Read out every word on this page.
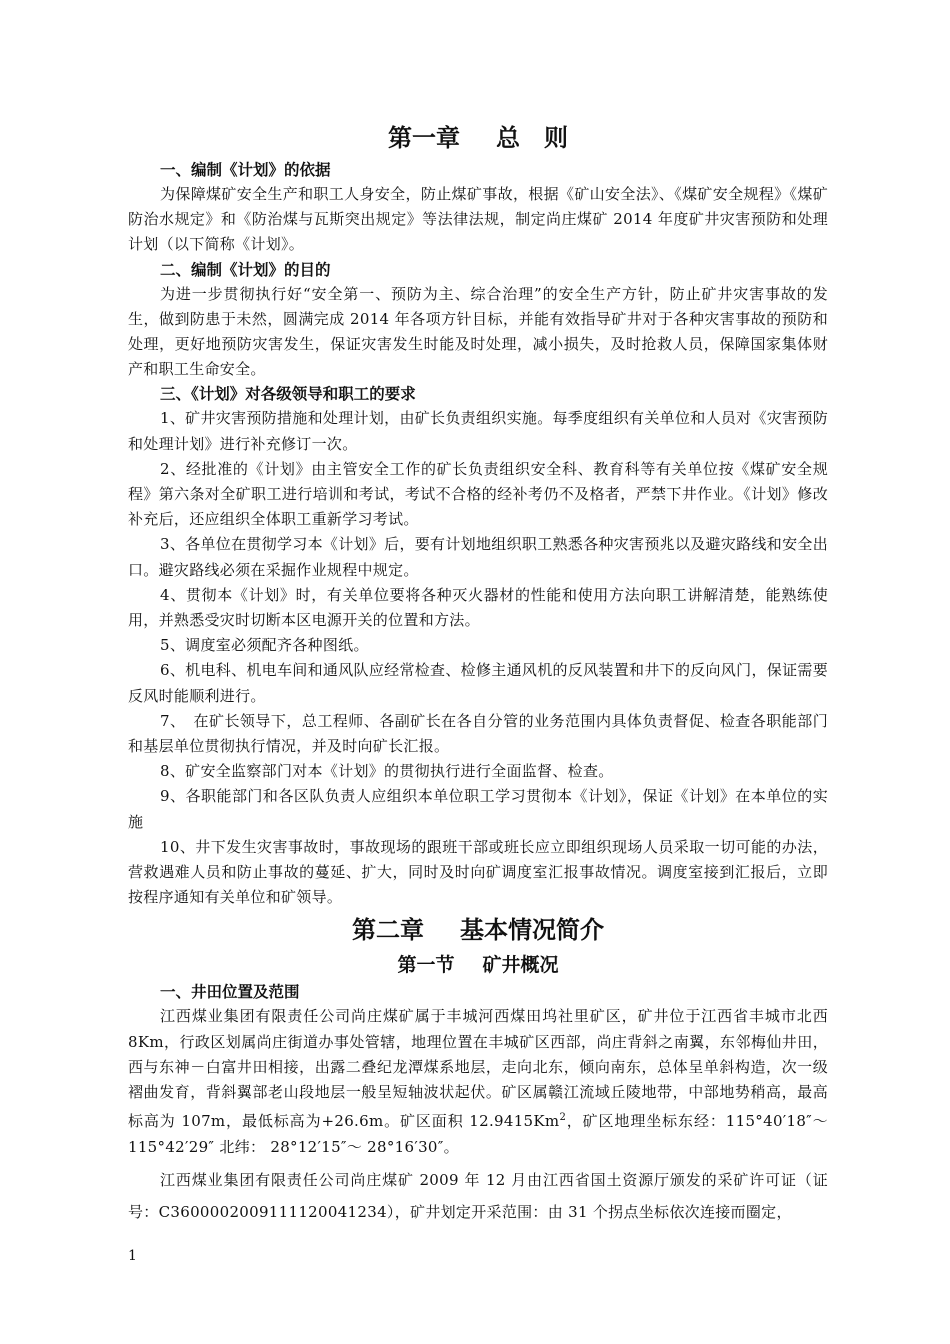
第一章 总 则

一、编制《计划》的依据

为保障煤矿安全生产和职工人身安全，防止煤矿事故，根据《矿山安全法》、《煤矿安全规程》《煤矿防治水规定》和《防治煤与瓦斯突出规定》等法律法规，制定尚庄煤矿 2014 年度矿井灾害预防和处理计划（以下简称《计划》。

二、编制《计划》的目的

为进一步贯彻执行好“安全第一、预防为主、综合治理”的安全生产方针，防止矿井灾害事故的发生，做到防患于未然，圆满完成 2014 年各项方针目标，并能有效指导矿井对于各种灾害事故的预防和处理，更好地预防灾害发生，保证灾害发生时能及时处理，减小损失，及时抢救人员，保障国家集体财产和职工生命安全。

三、《计划》对各级领导和职工的要求

1、矿井灾害预防措施和处理计划，由矿长负责组织实施。每季度组织有关单位和人员对《灾害预防和处理计划》进行补充修订一次。

2、经批准的《计划》由主管安全工作的矿长负责组织安全科、教育科等有关单位按《煤矿安全规程》第六条对全矿职工进行培训和考试，考试不合格的经补考仍不及格者，严禁下井作业。《计划》修改补充后，还应组织全体职工重新学习考试。

3、各单位在贯彻学习本《计划》后，要有计划地组织职工熟悉各种灾害预兆以及避灾路线和安全出口。避灾路线必须在采掘作业规程中规定。

4、贯彻本《计划》时，有关单位要将各种灭火器材的性能和使用方法向职工讲解清楚，能熟练使用，并熟悉受灾时切断本区电源开关的位置和方法。

5、调度室必须配齐各种图纸。

6、机电科、机电车间和通风队应经常检查、检修主通风机的反风装置和井下的反向风门，保证需要反风时能顺利进行。

7、　在矿长领导下，总工程师、各副矿长在各自分管的业务范围内具体负责督促、检查各职能部门和基层单位贯彻执行情况，并及时向矿长汇报。

8、矿安全监察部门对本《计划》的贯彻执行进行全面监督、检查。

9、各职能部门和各区队负责人应组织本单位职工学习贯彻本《计划》，保证《计划》在本单位的实施

10、井下发生灾害事故时，事故现场的跟班干部或班长应立即组织现场人员采取一切可能的办法，营救遇难人员和防止事故的蔓延、扩大，同时及时向矿调度室汇报事故情况。调度室接到汇报后，立即按程序通知有关单位和矿领导。

第二章 基本情况简介
第一节 矿井概况

一、井田位置及范围

江西煤业集团有限责任公司尚庄煤矿属于丰城河西煤田坞社里矿区，矿井位于江西省丰城市北西 8Km，行政区划属尚庄街道办事处管辖，地理位置在丰城矿区西部，尚庄背斜之南翼，东邻梅仙井田，西与东神－白富井田相接，出露二叠纪龙潭煤系地层，走向北东，倾向南东，总体呈单斜构造，次一级褶曲发育，背斜翼部老山段地层一般呈短轴波状起伏。矿区属赣江流域丘陵地带，中部地势稍高，最高标高为 107m，最低标高为+26.6m。矿区面积 12.9415Km$^2$，矿区地理坐标东经：115°40′18″～115°42′29″ 北纬： 28°12′15″～ 28°16′30″。

江西煤业集团有限责任公司尚庄煤矿 2009 年 12 月由江西省国土资源厅颁发的采矿许可证（证号：C3600002009111120041234），矿井划定开采范围：由 31 个拐点坐标依次连接而圈定，

1
